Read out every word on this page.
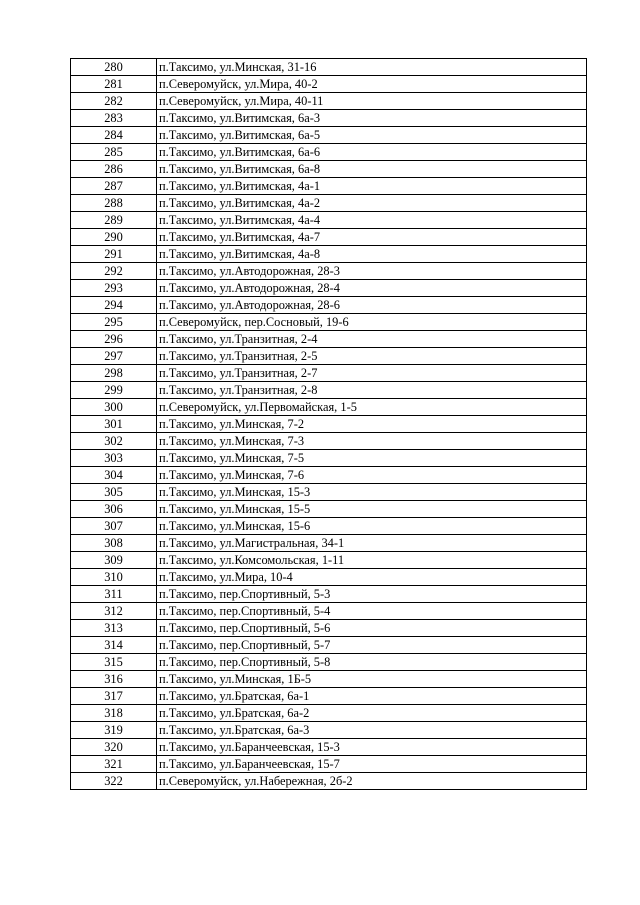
280	п.Таксимо, ул.Минская, 31-16
281	п.Северомуйск, ул.Мира, 40-2
282	п.Северомуйск, ул.Мира, 40-11
283	п.Таксимо, ул.Витимская, 6а-3
284	п.Таксимо, ул.Витимская, 6а-5
285	п.Таксимо, ул.Витимская, 6а-6
286	п.Таксимо, ул.Витимская, 6а-8
287	п.Таксимо, ул.Витимская, 4а-1
288	п.Таксимо, ул.Витимская, 4а-2
289	п.Таксимо, ул.Витимская, 4а-4
290	п.Таксимо, ул.Витимская, 4а-7
291	п.Таксимо, ул.Витимская, 4а-8
292	п.Таксимо, ул.Автодорожная, 28-3
293	п.Таксимо, ул.Автодорожная, 28-4
294	п.Таксимо, ул.Автодорожная, 28-6
295	п.Северомуйск, пер.Сосновый, 19-6
296	п.Таксимо, ул.Транзитная, 2-4
297	п.Таксимо, ул.Транзитная, 2-5
298	п.Таксимо, ул.Транзитная, 2-7
299	п.Таксимо, ул.Транзитная, 2-8
300	п.Северомуйск, ул.Первомайская, 1-5
301	п.Таксимо, ул.Минская, 7-2
302	п.Таксимо, ул.Минская, 7-3
303	п.Таксимо, ул.Минская, 7-5
304	п.Таксимо, ул.Минская, 7-6
305	п.Таксимо, ул.Минская, 15-3
306	п.Таксимо, ул.Минская, 15-5
307	п.Таксимо, ул.Минская, 15-6
308	п.Таксимо, ул.Магистральная, 34-1
309	п.Таксимо, ул.Комсомольская, 1-11
310	п.Таксимо, ул.Мира, 10-4
311	п.Таксимо, пер.Спортивный, 5-3
312	п.Таксимо, пер.Спортивный, 5-4
313	п.Таксимо, пер.Спортивный, 5-6
314	п.Таксимо, пер.Спортивный, 5-7
315	п.Таксимо, пер.Спортивный, 5-8
316	п.Таксимо, ул.Минская, 1Б-5
317	п.Таксимо, ул.Братская, 6а-1
318	п.Таксимо, ул.Братская, 6а-2
319	п.Таксимо, ул.Братская, 6а-3
320	п.Таксимо, ул.Баранчеевская, 15-3
321	п.Таксимо, ул.Баранчеевская, 15-7
322	п.Северомуйск, ул.Набережная, 2б-2
